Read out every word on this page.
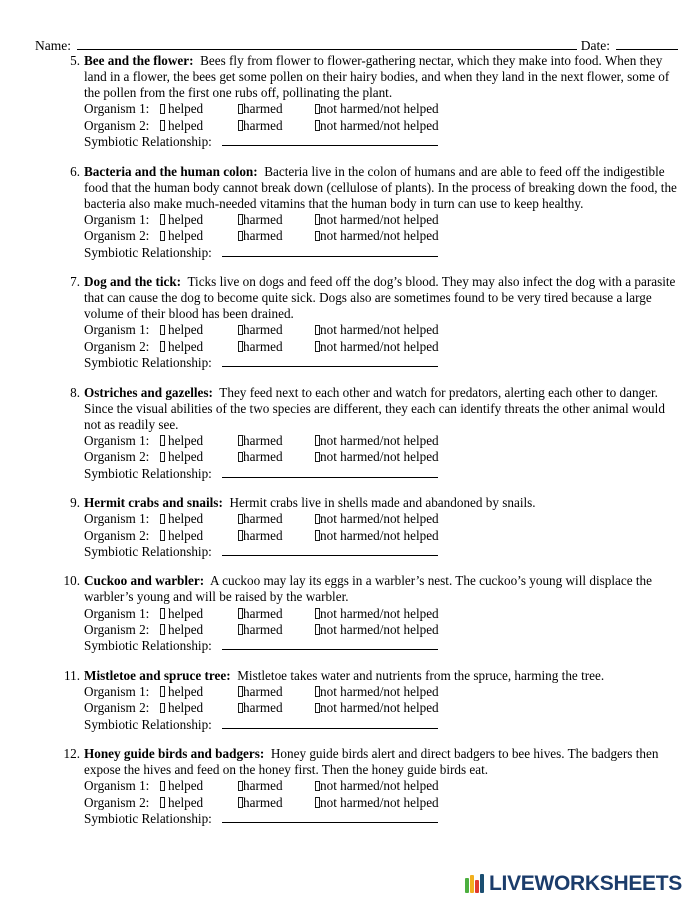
Name:	Date:
5. Bee and the flower: Bees fly from flower to flower-gathering nectar, which they make into food. When they land in a flower, the bees get some pollen on their hairy bodies, and when they land in the next flower, some of the pollen from the first one rubs off, pollinating the plant.
Organism 1:	helped	harmed	not harmed/not helped
Organism 2:	helped	harmed	not harmed/not helped
Symbiotic Relationship:
6. Bacteria and the human colon: Bacteria live in the colon of humans and are able to feed off the indigestible food that the human body cannot break down (cellulose of plants). In the process of breaking down the food, the bacteria also make much-needed vitamins that the human body in turn can use to keep healthy.
Organism 1:	helped	harmed	not harmed/not helped
Organism 2:	helped	harmed	not harmed/not helped
Symbiotic Relationship:
7. Dog and the tick: Ticks live on dogs and feed off the dog’s blood. They may also infect the dog with a parasite that can cause the dog to become quite sick. Dogs also are sometimes found to be very tired because a large volume of their blood has been drained.
Organism 1:	helped	harmed	not harmed/not helped
Organism 2:	helped	harmed	not harmed/not helped
Symbiotic Relationship:
8. Ostriches and gazelles: They feed next to each other and watch for predators, alerting each other to danger. Since the visual abilities of the two species are different, they each can identify threats the other animal would not as readily see.
Organism 1:	helped	harmed	not harmed/not helped
Organism 2:	helped	harmed	not harmed/not helped
Symbiotic Relationship:
9. Hermit crabs and snails: Hermit crabs live in shells made and abandoned by snails.
Organism 1:	helped	harmed	not harmed/not helped
Organism 2:	helped	harmed	not harmed/not helped
Symbiotic Relationship:
10. Cuckoo and warbler: A cuckoo may lay its eggs in a warbler’s nest. The cuckoo’s young will displace the warbler’s young and will be raised by the warbler.
Organism 1:	helped	harmed	not harmed/not helped
Organism 2:	helped	harmed	not harmed/not helped
Symbiotic Relationship:
11. Mistletoe and spruce tree: Mistletoe takes water and nutrients from the spruce, harming the tree.
Organism 1:	helped	harmed	not harmed/not helped
Organism 2:	helped	harmed	not harmed/not helped
Symbiotic Relationship:
12. Honey guide birds and badgers: Honey guide birds alert and direct badgers to bee hives. The badgers then expose the hives and feed on the honey first. Then the honey guide birds eat.
Organism 1:	helped	harmed	not harmed/not helped
Organism 2:	helped	harmed	not harmed/not helped
Symbiotic Relationship:
LIVEWORKSHEETS
